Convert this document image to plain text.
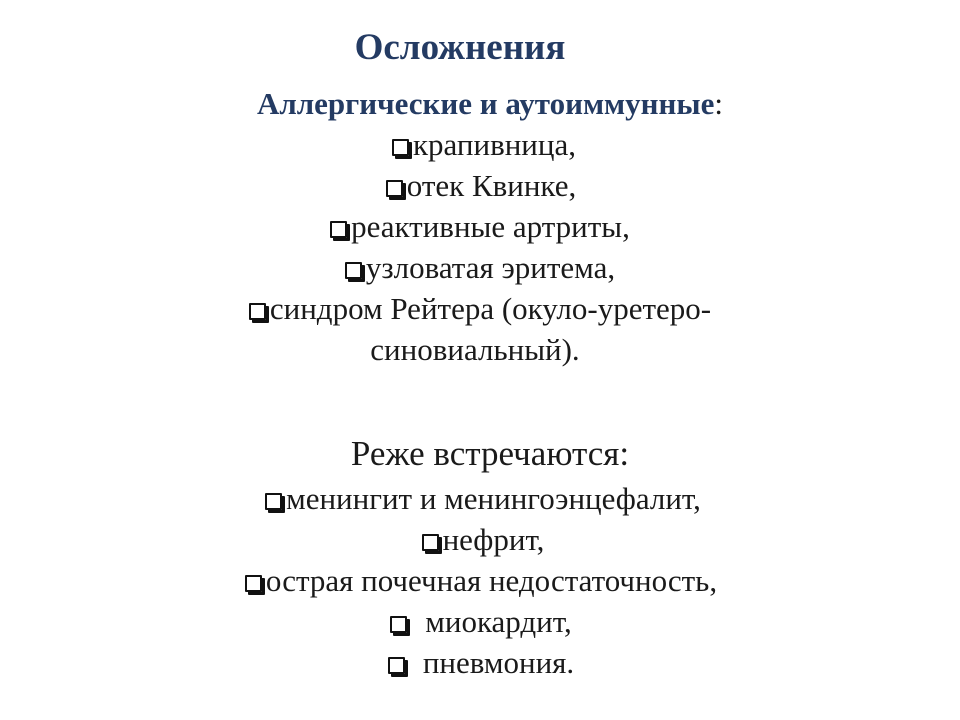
Осложнения
Аллергические и аутоиммунные:
крапивница,
отек Квинке,
реактивные артриты,
узловатая эритема,
синдром Рейтера (окуло-уретеро-
синовиальный).
Реже встречаются:
менингит и менингоэнцефалит,
нефрит,
острая почечная недостаточность,
миокардит,
пневмония.
